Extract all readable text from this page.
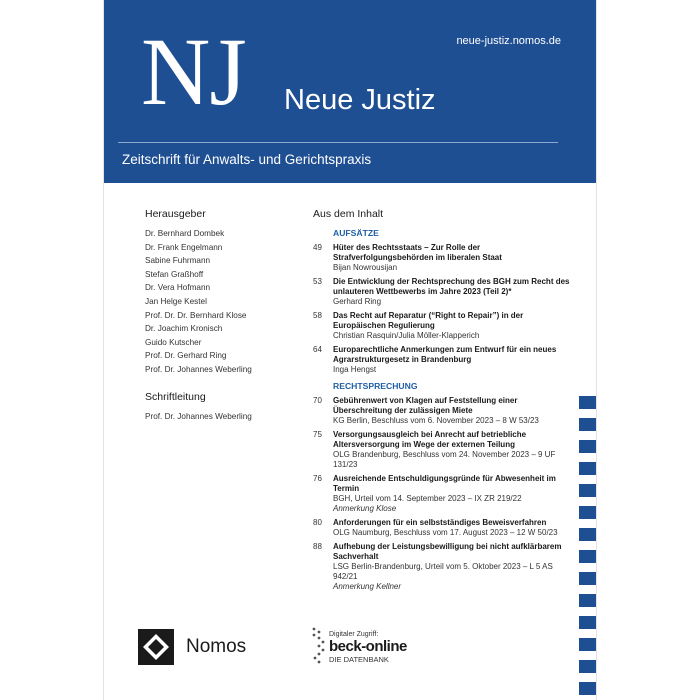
NJ Neue Justiz
neue-justiz.nomos.de
Zeitschrift für Anwalts- und Gerichtspraxis
Herausgeber
Dr. Bernhard Dombek
Dr. Frank Engelmann
Sabine Fuhrmann
Stefan Graßhoff
Dr. Vera Hofmann
Jan Helge Kestel
Prof. Dr. Dr. Bernhard Klose
Dr. Joachim Kronisch
Guido Kutscher
Prof. Dr. Gerhard Ring
Prof. Dr. Johannes Weberling
Schriftleitung
Prof. Dr. Johannes Weberling
Aus dem Inhalt
AUFSÄTZE
49	Hüter des Rechtsstaats – Zur Rolle der Strafverfolgungsbehörden im liberalen Staat
Bijan Nowrousijan
53	Die Entwicklung der Rechtsprechung des BGH zum Recht des unlauteren Wettbewerbs im Jahre 2023 (Teil 2)*
Gerhard Ring
58	Das Recht auf Reparatur (“Right to Repair”) in der Europäischen Regulierung
Christian Rasquin/Julia Möller-Klapperich
64	Europarechtliche Anmerkungen zum Entwurf für ein neues Agrarstrukturgesetz in Brandenburg
Inga Hengst
RECHTSPRECHUNG
70	Gebührenwert von Klagen auf Feststellung einer Überschreitung der zulässigen Miete
KG Berlin, Beschluss vom 6. November 2023 – 8 W 53/23
75	Versorgungsausgleich bei Anrecht auf betriebliche Altersversorgung im Wege der externen Teilung
OLG Brandenburg, Beschluss vom 24. November 2023 – 9 UF 131/23
76	Ausreichende Entschuldigungsgründe für Abwesenheit im Termin
BGH, Urteil vom 14. September 2023 – IX ZR 219/22
Anmerkung Klose
80	Anforderungen für ein selbstständiges Beweisverfahren
OLG Naumburg, Beschluss vom 17. August 2023 – 12 W 50/23
88	Aufhebung der Leistungsbewilligung bei nicht aufklärbarem Sachverhalt
LSG Berlin-Brandenburg, Urteil vom 5. Oktober 2023 – L 5 AS 942/21
Anmerkung Kellner
Nomos
Digitaler Zugriff:
beck-online
DIE DATENBANK
